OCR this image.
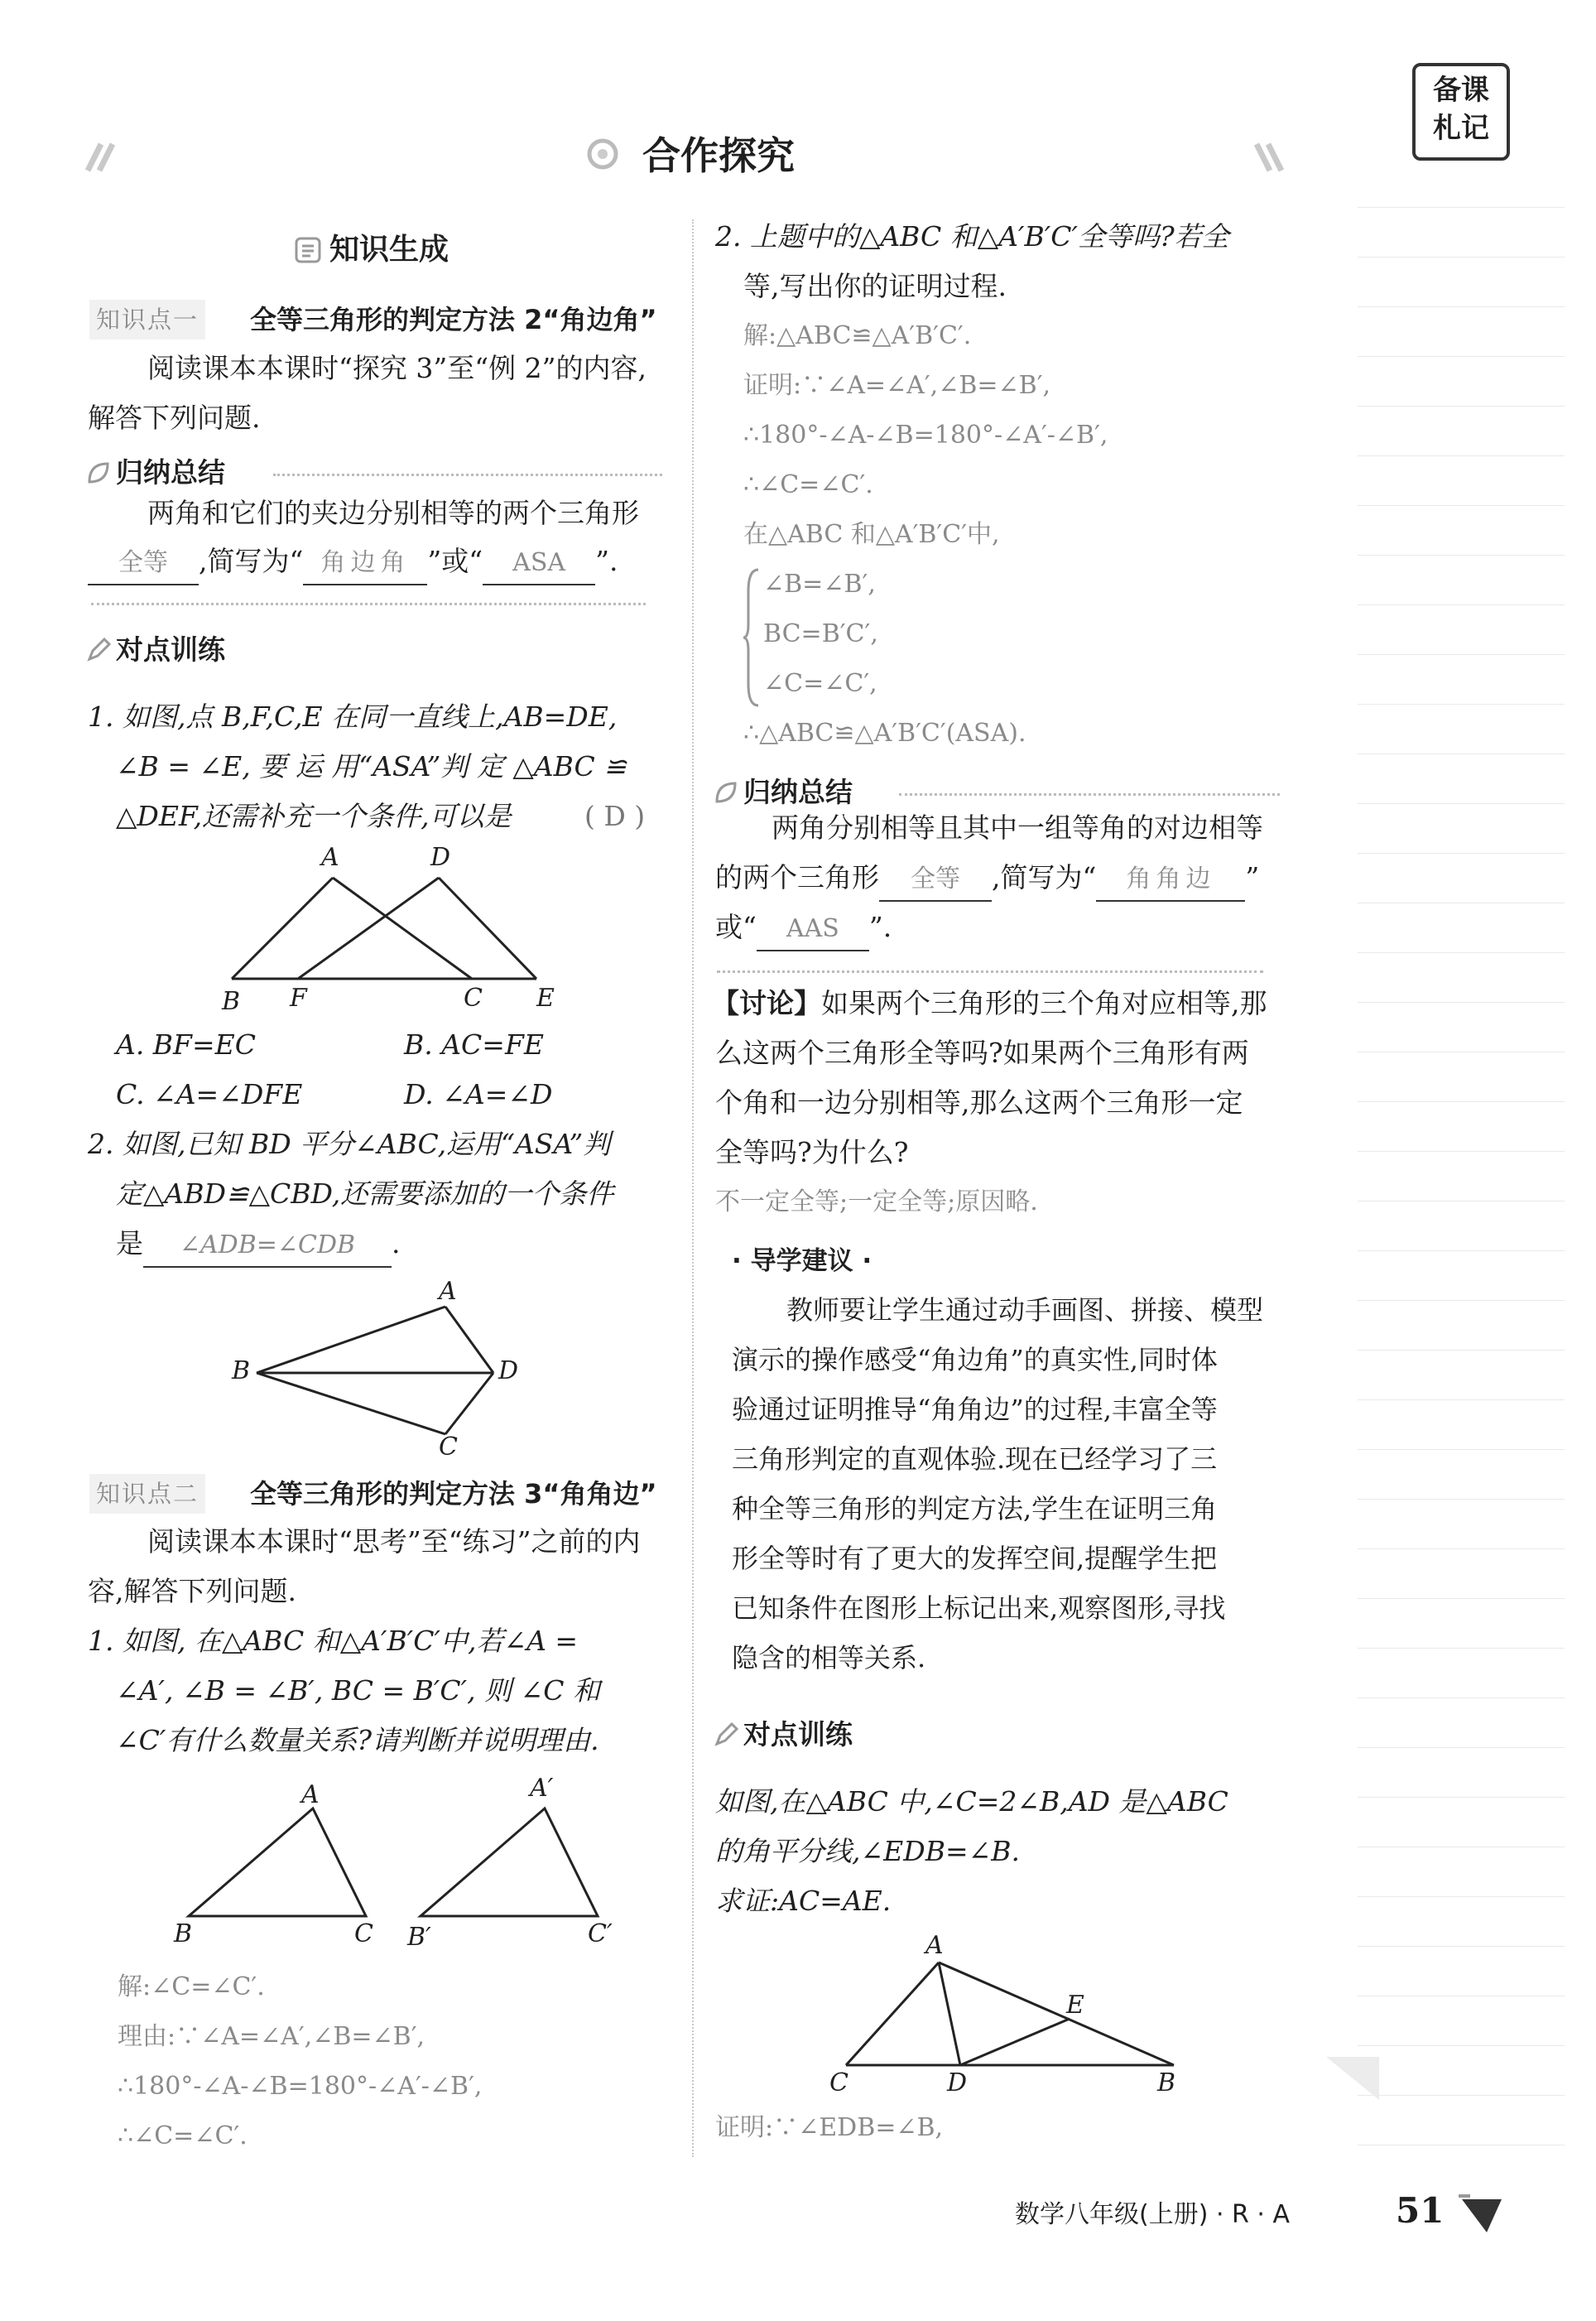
合作探究
备课
札记
知识生成
知识点一 全等三角形的判定方法 2“角边角”
阅读课本本课时“探究 3”至“例 2”的内容,
解答下列问题.
归纳总结
两角和它们的夹边分别相等的两个三角形
全等 ,简写为“ 角边角 ”或“ ASA ”.
对点训练
1. 如图,点 B,F,C,E 在同一直线上,AB=DE,
∠B = ∠E, 要 运 用“ASA”判 定 △ABC ≌
△DEF,还需补充一个条件,可以是	( D )
A	D
B F	C E
A. BF=EC	B. AC=FE
C. ∠A=∠DFE	D. ∠A=∠D
2. 如图,已知 BD 平分∠ABC,运用“ASA”判
定△ABD≌△CBD,还需要添加的一个条件
是 ∠ADB=∠CDB .
A
B	D
C
知识点二 全等三角形的判定方法 3“角角边”
阅读课本本课时“思考”至“练习”之前的内
容,解答下列问题.
1. 如图, 在△ABC 和△A′B′C′中,若∠A =
∠A′, ∠B = ∠B′, BC = B′C′, 则 ∠C 和
∠C′有什么数量关系?请判断并说明理由.
A
B	C
A′
B′	C′
解:∠C=∠C′.
理由:∵∠A=∠A′,∠B=∠B′,
∴180°-∠A-∠B=180°-∠A′-∠B′,
∴∠C=∠C′.
2. 上题中的△ABC 和△A′B′C′全等吗?若全
等,写出你的证明过程.
解:△ABC≌△A′B′C′.
证明:∵∠A=∠A′,∠B=∠B′,
∴180°-∠A-∠B=180°-∠A′-∠B′,
∴∠C=∠C′.
在△ABC 和△A′B′C′中,
∠B=∠B′,
BC=B′C′,
∠C=∠C′,
∴△ABC≌△A′B′C′(ASA).
归纳总结
两角分别相等且其中一组等角的对边相等
的两个三角形 全等 ,简写为“ 角角边 ”
或“ AAS ”.
【讨论】如果两个三角形的三个角对应相等,那
么这两个三角形全等吗?如果两个三角形有两
个角和一边分别相等,那么这两个三角形一定
全等吗?为什么?
不一定全等;一定全等;原因略.
· 导学建议 ·
教师要让学生通过动手画图、拼接、模型
演示的操作感受“角边角”的真实性,同时体
验通过证明推导“角角边”的过程,丰富全等
三角形判定的直观体验.现在已经学习了三
种全等三角形的判定方法,学生在证明三角
形全等时有了更大的发挥空间,提醒学生把
已知条件在图形上标记出来,观察图形,寻找
隐含的相等关系.
对点训练
如图,在△ABC 中,∠C=2∠B,AD 是△ABC
的角平分线,∠EDB=∠B.
求证:AC=AE.
A
E
C	D	B
证明:∵∠EDB=∠B,
数学八年级(上册) · R · A	51
